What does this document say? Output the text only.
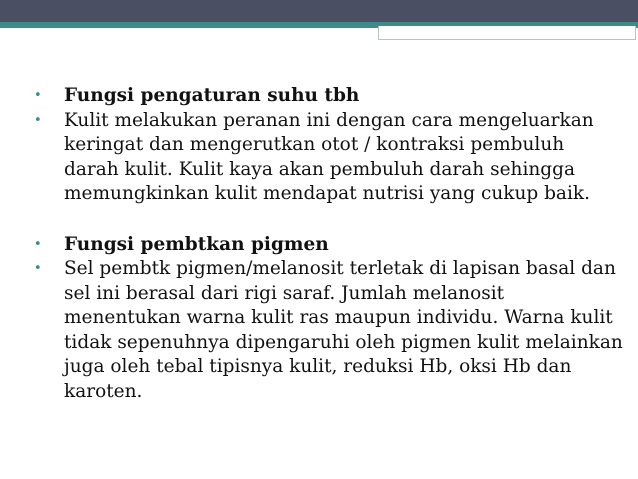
•	Fungsi pengaturan suhu tbh
•	Kulit melakukan peranan ini dengan cara mengeluarkan keringat dan mengerutkan otot / kontraksi pembuluh darah kulit. Kulit kaya akan pembuluh darah sehingga memungkinkan kulit mendapat nutrisi yang cukup baik.
•	Fungsi pembtkan pigmen
•	Sel pembtk pigmen/melanosit terletak di lapisan basal dan sel ini berasal dari rigi saraf. Jumlah melanosit menentukan warna kulit ras maupun individu. Warna kulit tidak sepenuhnya dipengaruhi oleh pigmen kulit melainkan juga oleh tebal tipisnya kulit, reduksi Hb, oksi Hb dan karoten.
